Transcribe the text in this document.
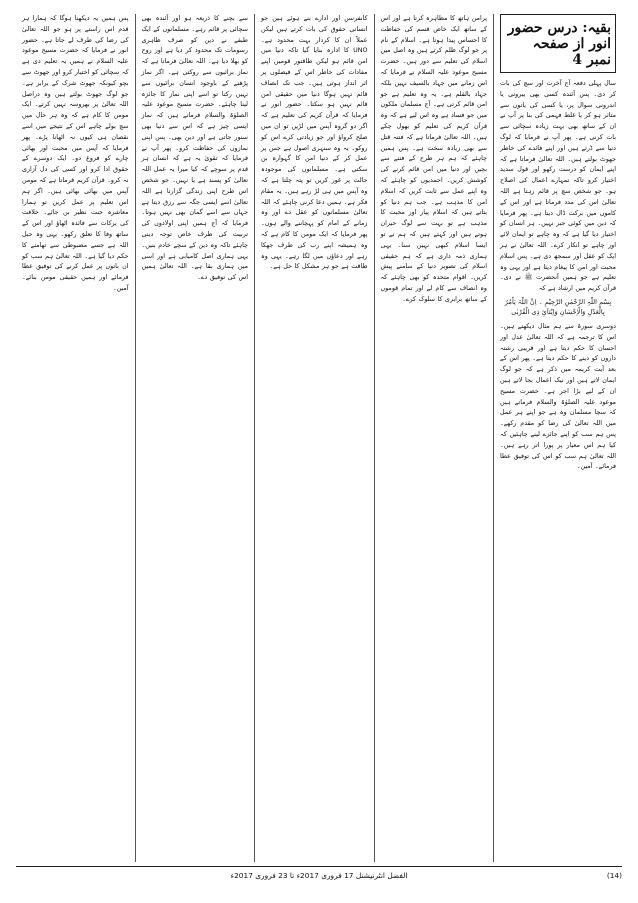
بقیہ: درس حضور انور از صفحہ نمبر 4
سال پہلی دفعہ آج آخرت اور سچ کی بات کر دی۔ پس آئندہ کسی بھی بیرونی یا اندرونی سوال پر، یا کسی کی باتوں سے متاثر ہو کر یا غلط فہمی کی بنا پر آپ نے ان کے ساتھ بھی بہت زیادہ سچائی سے بات کرنی ہے۔ پھر آپ نے فرمایا کہ لوگ دنیا سے ڈرتے ہیں اور اپنے فائدے کی خاطر جھوٹ بولتے ہیں۔ اللہ تعالیٰ فرماتا ہے کہ اپنے ایمان کو درست رکھو اور قول سدید اختیار کرو تاکہ تمہارے اعمال کی اصلاح ہو۔ جو شخص سچ پر قائم رہتا ہے اللہ تعالیٰ اس کی مدد فرماتا ہے اور اس کے کاموں میں برکت ڈال دیتا ہے۔ پھر فرمایا کہ دین میں کوئی جبر نہیں۔ ہر انسان کو اختیار دیا گیا ہے کہ وہ چاہے تو ایمان لائے اور چاہے تو انکار کرے۔ اللہ تعالیٰ نے ہر ایک کو عقل اور سمجھ دی ہے۔ پس اسلام محبت اور امن کا پیغام دیتا ہے اور یہی وہ تعلیم ہے جو ہمیں آنحضرت ﷺ نے دی۔ قرآن کریم میں ارشاد ہے کہ
بِسْمِ اللّٰہِ الرَّحْمٰنِ الرَّحِیْمِ ۔ اِنَّ اللّٰہَ یَاْمُرُ بِالْعَدْلِ وَالْاِحْسَانِ وَاِیْتَآئِ ذِی الْقُرْبٰی
دوسری سورۃ سے ہم مثال دیکھتے ہیں۔ اس کا ترجمہ ہے کہ اللہ تعالیٰ عدل اور احسان کا حکم دیتا ہے اور قریبی رشتہ داروں کو دینے کا حکم دیتا ہے۔ پھر اس کے بعد آیت کریمہ میں ذکر ہے کہ جو لوگ ایمان لاتے ہیں اور نیک اعمال بجا لاتے ہیں ان کے لیے بڑا اجر ہے۔ حضرت مسیح موعود علیہ الصلوٰۃ والسلام فرماتے ہیں کہ سچا مسلمان وہ ہے جو اپنے ہر عمل میں اللہ تعالیٰ کی رضا کو مقدم رکھے۔ پس ہم سب کو اپنے جائزے لینے چاہئیں کہ کیا ہم اس معیار پر پورا اتر رہے ہیں۔ اللہ تعالیٰ ہم سب کو اس کی توفیق عطا فرمائے۔ آمین۔
پرامن ہاتھ کا مظاہرہ کرتا ہے اور اس کے ساتھ ایک خاص قسم کی حفاظت کا احساس پیدا ہوتا ہے۔ اسلام کے نام پر جو لوگ ظلم کرتے ہیں وہ اصل میں اسلام کی تعلیم سے دور ہیں۔ حضرت مسیح موعود علیہ السلام نے فرمایا کہ اس زمانے میں جہاد بالسیف نہیں بلکہ جہاد بالقلم ہے۔ یہ وہ تعلیم ہے جو امن قائم کرتی ہے۔ آج مسلمان ملکوں میں جو فساد ہے وہ اس لیے ہے کہ وہ قرآن کریم کی تعلیم کو بھول چکے ہیں۔ اللہ تعالیٰ فرماتا ہے کہ فتنہ قتل سے بھی زیادہ سخت ہے۔ پس ہمیں چاہئے کہ ہم ہر طرح کے فتنے سے بچیں اور دنیا میں امن قائم کرنے کی کوشش کریں۔ احمدیوں کو چاہئے کہ وہ اپنے عمل سے ثابت کریں کہ اسلام امن کا مذہب ہے۔ جب ہم دنیا کو بتاتے ہیں کہ اسلام پیار اور محبت کا مذہب ہے تو بہت سے لوگ حیران ہوتے ہیں اور کہتے ہیں کہ ہم نے تو ایسا اسلام کبھی نہیں سنا۔ یہی ہماری ذمہ داری ہے کہ ہم حقیقی اسلام کی تصویر دنیا کے سامنے پیش کریں۔ اقوام متحدہ کو بھی چاہئے کہ وہ انصاف سے کام لے اور تمام قوموں کے ساتھ برابری کا سلوک کرے۔
کانفرنس اور ادارے بنے ہوئے ہیں جو انسانی حقوق کی بات کرتے ہیں لیکن عملاً ان کا کردار بہت محدود ہے۔ UNO کا ادارہ بنایا گیا تاکہ دنیا میں امن قائم ہو لیکن طاقتور قومیں اپنے مفادات کی خاطر اس کے فیصلوں پر اثر انداز ہوتی ہیں۔ جب تک انصاف قائم نہیں ہوگا دنیا میں حقیقی امن قائم نہیں ہو سکتا۔ حضور انور نے فرمایا کہ قرآن کریم کی تعلیم ہے کہ اگر دو گروہ آپس میں لڑیں تو ان میں صلح کرواؤ اور جو زیادتی کرے اس کو روکو۔ یہ وہ سنہری اصول ہے جس پر عمل کر کے دنیا امن کا گہوارہ بن سکتی ہے۔ مسلمانوں کی موجودہ حالت پر غور کریں تو پتہ چلتا ہے کہ وہ آپس میں ہی لڑ رہے ہیں۔ یہ مقام فکر ہے۔ ہمیں دعا کرنی چاہئے کہ اللہ تعالیٰ مسلمانوں کو عقل دے اور وہ زمانے کے امام کو پہچاننے والے ہوں۔ پھر فرمایا کہ ایک مومن کا کام ہے کہ وہ ہمیشہ اپنے رب کی طرف جھکا رہے اور دعاؤں میں لگا رہے۔ یہی وہ طاقت ہے جو ہر مشکل کا حل ہے۔
سے بچنے کا ذریعہ ہو اور آئندہ بھی سچائی پر قائم رہے۔ مسلمانوں کے ایک طبقے نے دین کو صرف ظاہری رسومات تک محدود کر دیا ہے اور روح کو بھلا دیا ہے۔ اللہ تعالیٰ فرماتا ہے کہ نماز برائیوں سے روکتی ہے۔ اگر نماز پڑھنے کے باوجود انسان برائیوں سے نہیں رکتا تو اسے اپنی نماز کا جائزہ لینا چاہئے۔ حضرت مسیح موعود علیہ الصلوٰۃ والسلام فرماتے ہیں کہ نماز ایسی چیز ہے کہ اس سے دنیا بھی سنور جاتی ہے اور دین بھی۔ پس اپنی نمازوں کی حفاظت کرو۔ پھر آپ نے فرمایا کہ تقویٰ یہ ہے کہ انسان ہر قدم پر سوچے کہ کیا میرا یہ عمل اللہ تعالیٰ کو پسند ہے یا نہیں۔ جو شخص اس طرح اپنی زندگی گزارتا ہے اللہ تعالیٰ اسے ایسی جگہ سے رزق دیتا ہے جہاں سے اسے گمان بھی نہیں ہوتا۔ فرمایا کہ آج ہمیں اپنی اولادوں کی تربیت کی طرف خاص توجہ دینی چاہئے تاکہ وہ دین کے سچے خادم بنیں۔ یہی ہماری اصل کامیابی ہے اور اسی میں ہماری بقا ہے۔ اللہ تعالیٰ ہمیں اس کی توفیق دے۔
پس ہمیں یہ دیکھنا ہوگا کہ ہمارا ہر قدم اس راستے پر ہو جو اللہ تعالیٰ کی رضا کی طرف لے جاتا ہے۔ حضور انور نے فرمایا کہ حضرت مسیح موعود علیہ السلام نے ہمیں یہ تعلیم دی ہے کہ سچائی کو اختیار کرو اور جھوٹ سے بچو کیونکہ جھوٹ شرک کے برابر ہے۔ جو لوگ جھوٹ بولتے ہیں وہ دراصل اللہ تعالیٰ پر بھروسہ نہیں کرتے۔ ایک مومن کا کام ہے کہ وہ ہر حال میں سچ بولے چاہے اس کے نتیجے میں اسے نقصان ہی کیوں نہ اٹھانا پڑے۔ پھر فرمایا کہ آپس میں محبت اور بھائی چارے کو فروغ دو۔ ایک دوسرے کے حقوق ادا کرو اور کسی کی دل آزاری نہ کرو۔ قرآن کریم فرماتا ہے کہ مومن آپس میں بھائی بھائی ہیں۔ اگر ہم اس تعلیم پر عمل کریں تو ہمارا معاشرہ جنت نظیر بن جائے۔ خلافت کی برکات سے فائدہ اٹھاؤ اور اس کے ساتھ وفا کا تعلق رکھو۔ یہی وہ حبل اللہ ہے جسے مضبوطی سے تھامنے کا حکم دیا گیا ہے۔ اللہ تعالیٰ ہم سب کو ان باتوں پر عمل کرنے کی توفیق عطا فرمائے اور ہمیں حقیقی مومن بنائے۔ آمین۔
الفضل انٹرنیشنل 17 فروری 2017ء تا 23 فروری 2017ء	(14)
